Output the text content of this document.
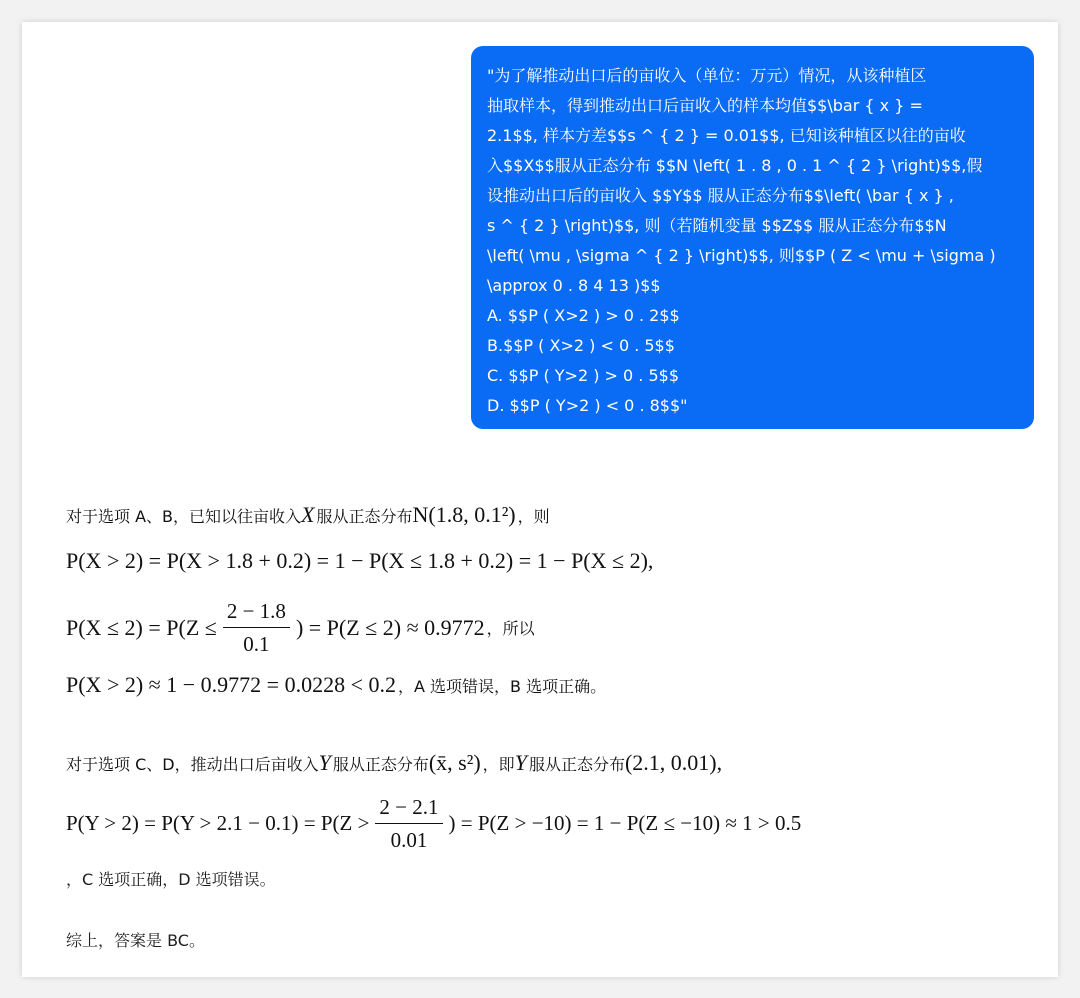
"为了解推动出口后的亩收入（单位：万元）情况，从该种植区
抽取样本，得到推动出口后亩收入的样本均值$$\bar { x } =
2.1$$, 样本方差$$s ^ { 2 } = 0.01$$, 已知该种植区以往的亩收
入$$X$$服从正态分布 $$N \left( 1 . 8 , 0 . 1 ^ { 2 } \right)$$,假
设推动出口后的亩收入 $$Y$$ 服从正态分布$$\left( \bar { x } ,
s ^ { 2 } \right)$$, 则（若随机变量 $$Z$$ 服从正态分布$$N
\left( \mu , \sigma ^ { 2 } \right)$$, 则$$P ( Z < \mu + \sigma )
\approx 0 . 8 4 13 )$$
A. $$P ( X>2 ) > 0 . 2$$
B.$$P ( X>2 ) < 0 . 5$$
C. $$P ( Y>2 ) > 0 . 5$$
D. $$P ( Y>2 ) < 0 . 8$$"
对于选项 A、B，已知以往亩收入 X 服从正态分布 N(1.8, 0.1²) ，则
P(X > 2) = P(X > 1.8 + 0.2) = 1 − P(X ≤ 1.8 + 0.2) = 1 − P(X ≤ 2),
$P(X \le 2) = P(Z \le \frac{2 - 1.8}{0.1}$ ) = P(Z ≤ 2) ≈ 0.9772 ，所以
P(X > 2) ≈ 1 − 0.9772 = 0.0228 < 0.2 ，A 选项错误，B 选项正确。
对于选项 C、D，推动出口后亩收入 Y 服从正态分布 (x̄, s²) ，即 Y 服从正态分布 (2.1, 0.01) ,
$P(Y > 2) = P(Y > 2.1 - 0.1) = P(Z > \frac{2 - 2.1}{0.01}$ ) = P(Z > −10) = 1 − P(Z ≤ −10) ≈ 1 > 0.5
，C 选项正确，D 选项错误。
综上，答案是 BC。
